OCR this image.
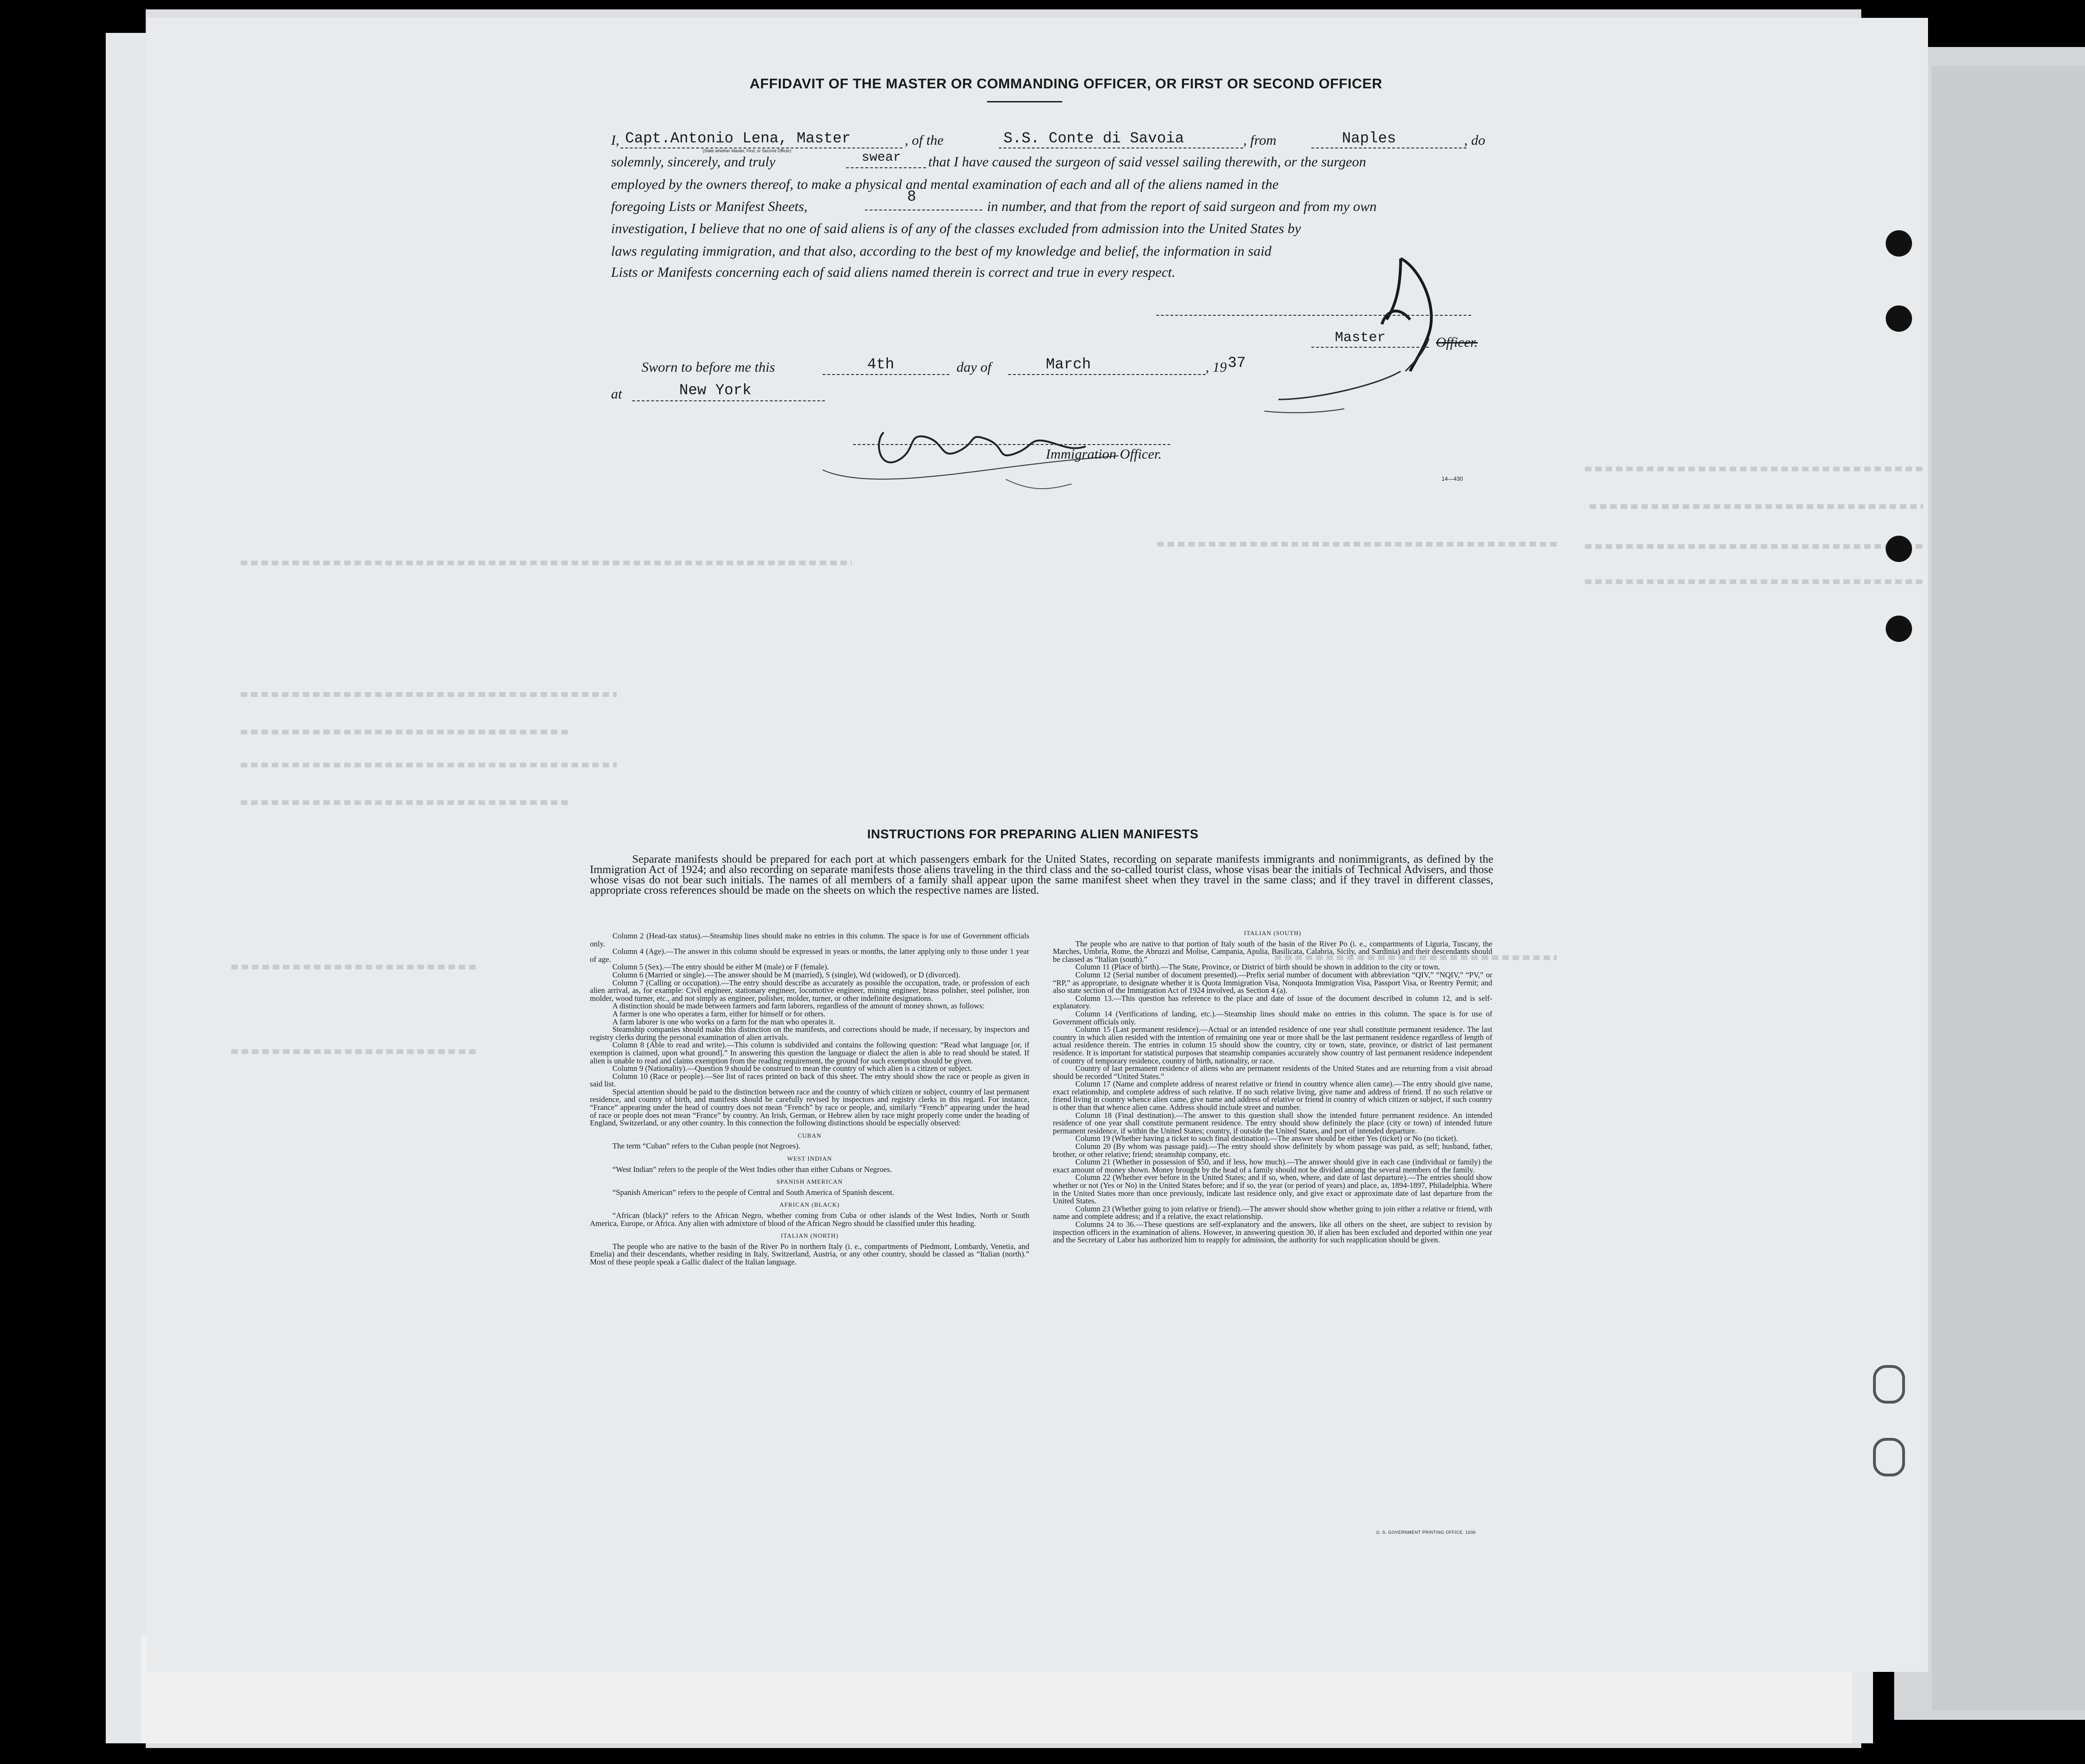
AFFIDAVIT OF THE MASTER OR COMMANDING OFFICER, OR FIRST OR SECOND OFFICER
I, Capt.Antonio Lena, Master
(State whether Master, First, or Second Officer)
, of the	S.S. Conte di Savoia	, from	Naples	, do
solemnly, sincerely, and truly	swear that I have caused the surgeon of said vessel sailing therewith, or the surgeon
employed by the owners thereof, to make a physical and mental examination of each and all of the aliens named in the
foregoing Lists or Manifest Sheets,
8
in number, and that from the report of said surgeon and from my own
investigation, I believe that no one of said aliens is of any of the classes excluded from admission into the United States by
laws regulating immigration, and that also, according to the best of my knowledge and belief, the information in said
Lists or Manifests concerning each of said aliens named therein is correct and true in every respect.
Master	Officer.
Sworn to before me this	4th	day of	March	, 19 37
at	New York
Immigration Officer.
14—430
INSTRUCTIONS FOR PREPARING ALIEN MANIFESTS
Separate manifests should be prepared for each port at which passengers embark for the United States, recording on separate manifests immigrants and nonimmigrants, as defined by the Immigration Act of 1924; and also recording on separate manifests those aliens traveling in the third class and the so-called tourist class, whose visas bear the initials of Technical Advisers, and those whose visas do not bear such initials. The names of all members of a family shall appear upon the same manifest sheet when they travel in the same class; and if they travel in different classes, appropriate cross references should be made on the sheets on which the respective names are listed.

Column 2 (Head-tax status).—Steamship lines should make no entries in this column. The space is for use of Government officials only.

Column 4 (Age).—The answer in this column should be expressed in years or months, the latter applying only to those under 1 year of age.

Column 5 (Sex).—The entry should be either M (male) or F (female).

Column 6 (Married or single).—The answer should be M (married), S (single), Wd (widowed), or D (divorced).

Column 7 (Calling or occupation).—The entry should describe as accurately as possible the occupation, trade, or profession of each alien arrival, as, for example: Civil engineer, stationary engineer, locomotive engineer, mining engineer, brass polisher, steel polisher, iron molder, wood turner, etc., and not simply as engineer, polisher, molder, turner, or other indefinite designations.

A distinction should be made between farmers and farm laborers, regardless of the amount of money shown, as follows:

A farmer is one who operates a farm, either for himself or for others.

A farm laborer is one who works on a farm for the man who operates it.

Steamship companies should make this distinction on the manifests, and corrections should be made, if necessary, by inspectors and registry clerks during the personal examination of alien arrivals.

Column 8 (Able to read and write).—This column is subdivided and contains the following question: “Read what language [or, if exemption is claimed, upon what ground].” In answering this question the language or dialect the alien is able to read should be stated. If alien is unable to read and claims exemption from the reading requirement, the ground for such exemption should be given.

Column 9 (Nationality).—Question 9 should be construed to mean the country of which alien is a citizen or subject.

Column 10 (Race or people).—See list of races printed on back of this sheet. The entry should show the race or people as given in said list.

Special attention should be paid to the distinction between race and the country of which citizen or subject, country of last permanent residence, and country of birth, and manifests should be carefully revised by inspectors and registry clerks in this regard. For instance, “France” appearing under the head of country does not mean “French” by race or people, and, similarly “French” appearing under the head of race or people does not mean “France” by country. An Irish, German, or Hebrew alien by race might properly come under the heading of England, Switzerland, or any other country. In this connection the following distinctions should be especially observed:

CUBAN

The term “Cuban” refers to the Cuban people (not Negroes).

WEST INDIAN

“West Indian” refers to the people of the West Indies other than either Cubans or Negroes.

SPANISH AMERICAN

“Spanish American” refers to the people of Central and South America of Spanish descent.

AFRICAN (BLACK)

“African (black)” refers to the African Negro, whether coming from Cuba or other islands of the West Indies, North or South America, Europe, or Africa. Any alien with admixture of blood of the African Negro should be classified under this heading.

ITALIAN (NORTH)

The people who are native to the basin of the River Po in northern Italy (i. e., compartments of Piedmont, Lombardy, Venetia, and Emelia) and their descendants, whether residing in Italy, Switzerland, Austria, or any other country, should be classed as “Italian (north).” Most of these people speak a Gallic dialect of the Italian language.

ITALIAN (SOUTH)

The people who are native to that portion of Italy south of the basin of the River Po (i. e., compartments of Liguria, Tuscany, the Marches, Umbria, Rome, the Abruzzi and Molise, Campania, Apulia, Basilicata, Calabria, Sicily, and Sardinia) and their descendants should be classed as “Italian (south).”

Column 11 (Place of birth).—The State, Province, or District of birth should be shown in addition to the city or town.

Column 12 (Serial number of document presented).—Prefix serial number of document with abbreviation “QIV,” “NQIV,” “PV,” or “RP,” as appropriate, to designate whether it is Quota Immigration Visa, Nonquota Immigration Visa, Passport Visa, or Reentry Permit; and also state section of the Immigration Act of 1924 involved, as Section 4 (a).

Column 13.—This question has reference to the place and date of issue of the document described in column 12, and is self-explanatory.

Column 14 (Verifications of landing, etc.).—Steamship lines should make no entries in this column. The space is for use of Government officials only.

Column 15 (Last permanent residence).—Actual or an intended residence of one year shall constitute permanent residence. The last country in which alien resided with the intention of remaining one year or more shall be the last permanent residence regardless of length of actual residence therein. The entries in column 15 should show the country, city or town, state, province, or district of last permanent residence. It is important for statistical purposes that steamship companies accurately show country of last permanent residence independent of country of temporary residence, country of birth, nationality, or race.

Country of last permanent residence of aliens who are permanent residents of the United States and are returning from a visit abroad should be recorded “United States.”

Column 17 (Name and complete address of nearest relative or friend in country whence alien came).—The entry should give name, exact relationship, and complete address of such relative. If no such relative living, give name and address of friend. If no such relative or friend living in country whence alien came, give name and address of relative or friend in country of which citizen or subject, if such country is other than that whence alien came. Address should include street and number.

Column 18 (Final destination).—The answer to this question shall show the intended future permanent residence. An intended residence of one year shall constitute permanent residence. The entry should show definitely the place (city or town) of intended future permanent residence, if within the United States; country, if outside the United States, and port of intended departure.

Column 19 (Whether having a ticket to such final destination).—The answer should be either Yes (ticket) or No (no ticket).

Column 20 (By whom was passage paid).—The entry should show definitely by whom passage was paid, as self; husband, father, brother, or other relative; friend; steamship company, etc.

Column 21 (Whether in possession of $50, and if less, how much).—The answer should give in each case (individual or family) the exact amount of money shown. Money brought by the head of a family should not be divided among the several members of the family.

Column 22 (Whether ever before in the United States; and if so, when, where, and date of last departure).—The entries should show whether or not (Yes or No) in the United States before; and if so, the year (or period of years) and place, as, 1894-1897, Philadelphia. Where in the United States more than once previously, indicate last residence only, and give exact or approximate date of last departure from the United States.

Column 23 (Whether going to join relative or friend).—The answer should show whether going to join either a relative or friend, with name and complete address; and if a relative, the exact relationship.

Columns 24 to 36.—These questions are self-explanatory and the answers, like all others on the sheet, are subject to revision by inspection officers in the examination of aliens. However, in answering question 30, if alien has been excluded and deported within one year and the Secretary of Labor has authorized him to reapply for admission, the authority for such reapplication should be given.

U. S. GOVERNMENT PRINTING OFFICE: 1936
